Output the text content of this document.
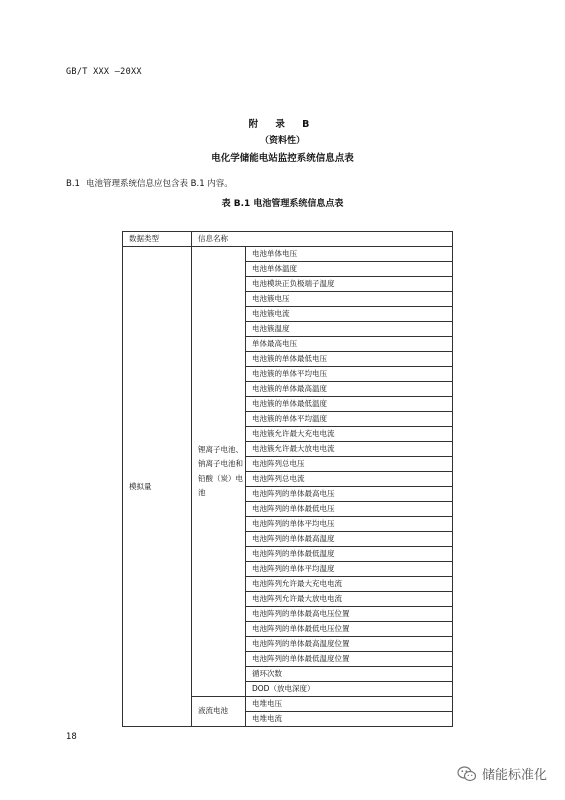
GB/T XXX —20XX
附 录 B
（资料性）
电化学储能电站监控系统信息点表
B.1 电池管理系统信息应包含表 B.1 内容。
表 B.1 电池管理系统信息点表
数据类型	信息名称	
模拟量	锂离子电池、钠离子电池和铅酸（炭）电池	电池单体电压
		电池单体温度
		电池模块正负极端子温度
		电池簇电压
		电池簇电流
		电池簇温度
		单体最高电压
		电池簇的单体最低电压
		电池簇的单体平均电压
		电池簇的单体最高温度
		电池簇的单体最低温度
		电池簇的单体平均温度
		电池簇允许最大充电电流
		电池簇允许最大放电电流
		电池阵列总电压
		电池阵列总电流
		电池阵列的单体最高电压
		电池阵列的单体最低电压
		电池阵列的单体平均电压
		电池阵列的单体最高温度
		电池阵列的单体最低温度
		电池阵列的单体平均温度
		电池阵列允许最大充电电流
		电池阵列允许最大放电电流
		电池阵列的单体最高电压位置
		电池阵列的单体最低电压位置
		电池阵列的单体最高温度位置
		电池阵列的单体最低温度位置
		循环次数
		DOD（放电深度）
	液流电池	电堆电压
		电堆电流
18
储能标准化
